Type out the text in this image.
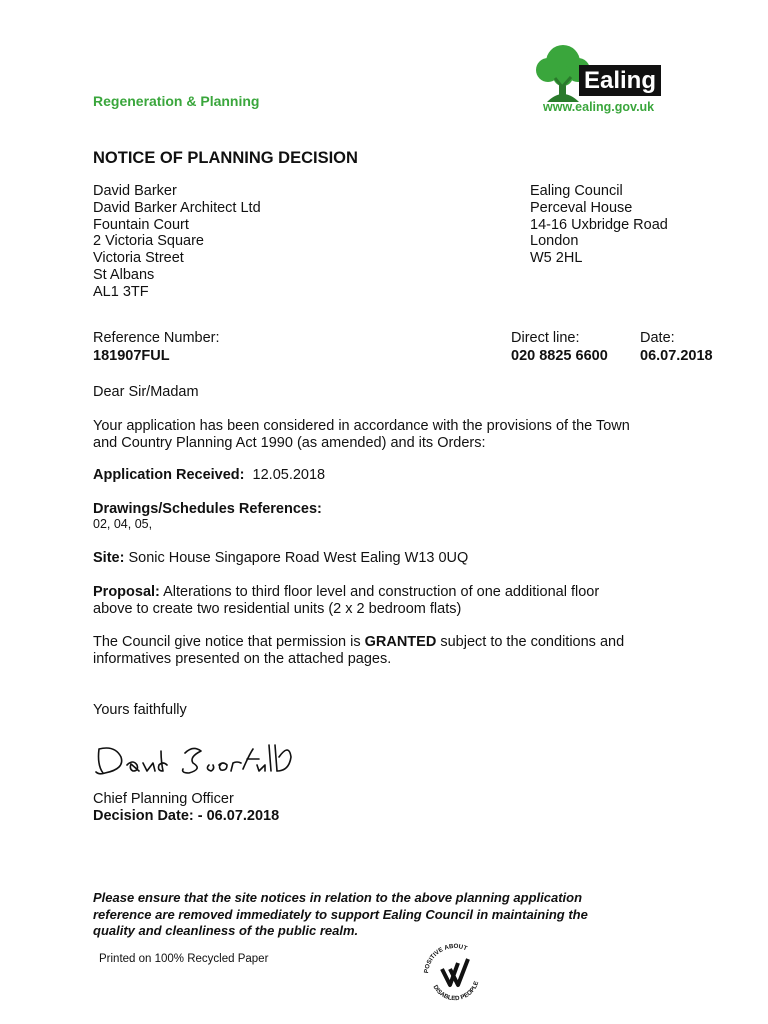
Regeneration & Planning
Ealing
www.ealing.gov.uk
NOTICE OF PLANNING DECISION
David Barker
David Barker Architect Ltd
Fountain Court
2 Victoria Square
Victoria Street
St Albans
AL1 3TF
Ealing Council
Perceval House
14-16 Uxbridge Road
London
W5 2HL
Reference Number:
181907FUL
Direct line:
020 8825 6600
Date:
06.07.2018
Dear Sir/Madam
Your application has been considered in accordance with the provisions of the Town
and Country Planning Act 1990 (as amended) and its Orders:
Application Received: 12.05.2018
Drawings/Schedules References:
02, 04, 05,
Site: Sonic House Singapore Road West Ealing W13 0UQ
Proposal: Alterations to third floor level and construction of one additional floor
above to create two residential units (2 x 2 bedroom flats)
The Council give notice that permission is GRANTED subject to the conditions and
informatives presented on the attached pages.
Yours faithfully
Chief Planning Officer
Decision Date: - 06.07.2018
Please ensure that the site notices in relation to the above planning application
reference are removed immediately to support Ealing Council in maintaining the
quality and cleanliness of the public realm.
Printed on 100% Recycled Paper
POSITIVE ABOUT
DISABLED PEOPLE
